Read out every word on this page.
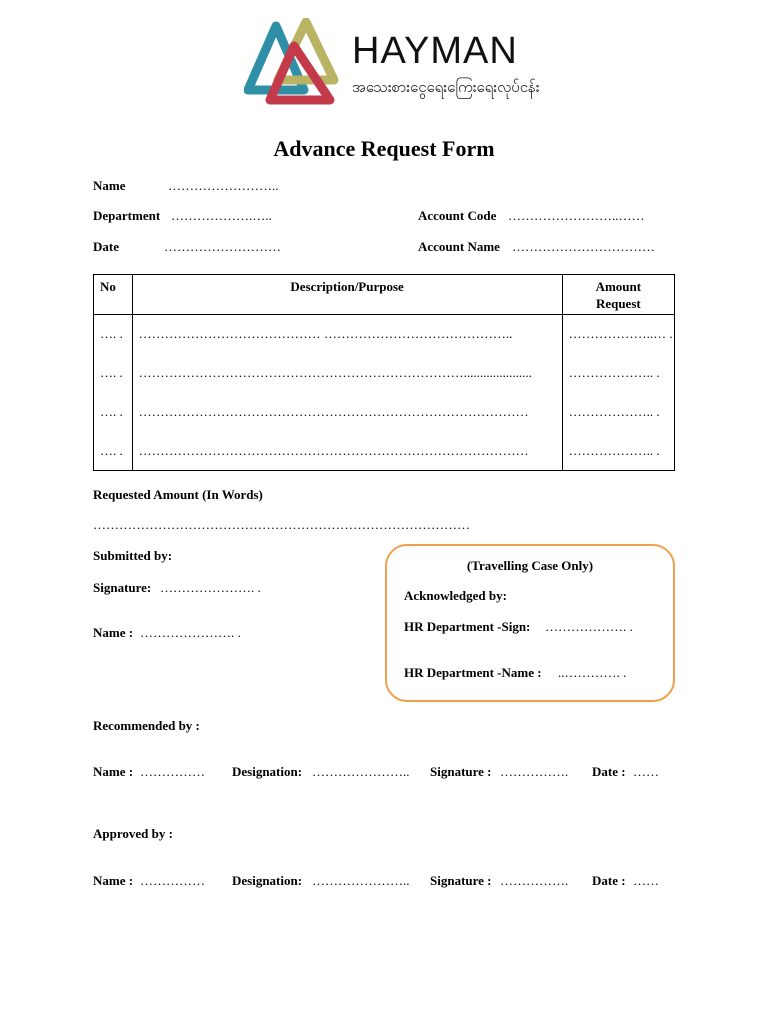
HAYMAN
အသေးစားငွေရေးကြေးရေးလုပ်ငန်း
Advance Request Form
Name	……………………..
Department ……………….…..
Date	………………………
Account Code ……………………..……
Account Name ……………………………
No	Description/Purpose	Amount
Request
…. .	…………………………………… ……………………………………..	………………..… .
…. .	………………………………………………………………….....................	……………….. .
…. .	………………………………………………………………………………	……………….. .
…. .	………………………………………………………………………………	……………….. .
Requested Amount (In Words)
……………………………………………………………………………
Submitted by:
Signature: …………………. .
Name : …………………. .
(Travelling Case Only)
Acknowledged by:
HR Department -Sign: ………………. .
HR Department -Name : ..…………. .
Recommended by :
Name : …………… Designation: ………………….. Signature : ……………. Date : ……
Approved by :
Name : …………… Designation: ………………….. Signature : ……………. Date : ……
